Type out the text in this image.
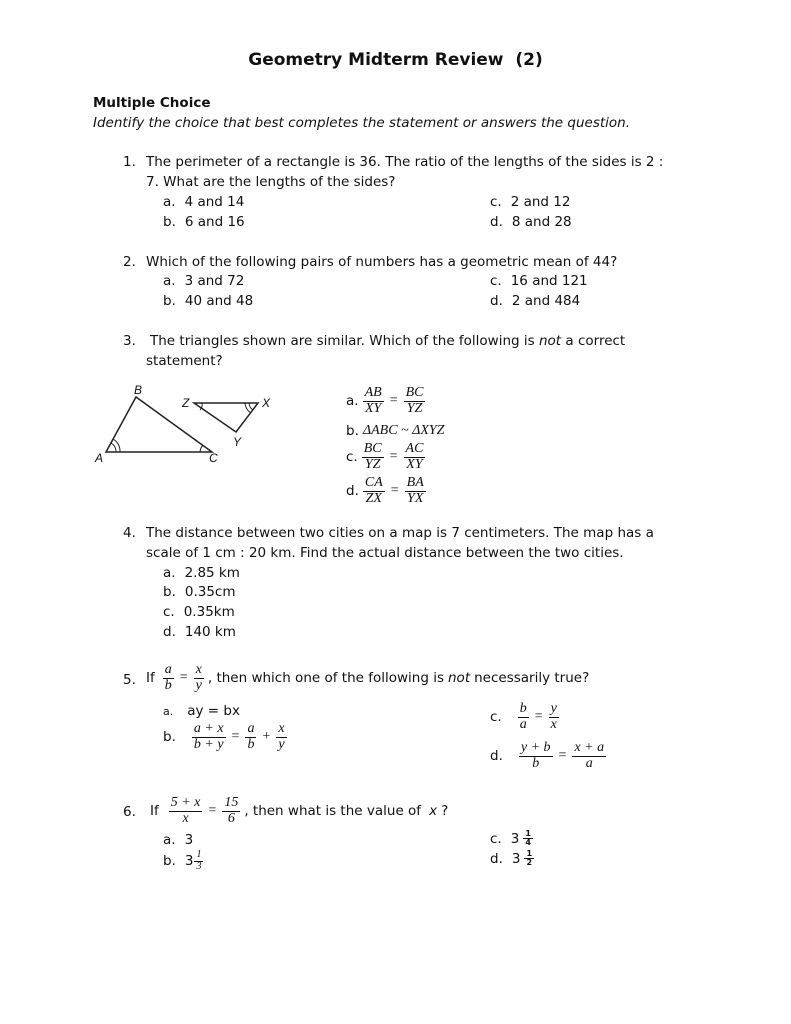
Geometry Midterm Review  (2)
Multiple Choice
Identify the choice that best completes the statement or answers the question.
1. The perimeter of a rectangle is 36. The ratio of the lengths of the sides is 2 :
7. What are the lengths of the sides?
a. 4 and 14
b. 6 and 16
c. 2 and 12
d. 8 and 28
2. Which of the following pairs of numbers has a geometric mean of 44?
a. 3 and 72
b. 40 and 48
c. 16 and 121
d. 2 and 484
3. The triangles shown are similar. Which of the following is not a correct
statement?
B
A	C
Z	X
Y
a. $\frac{AB}{XY} = \frac{BC}{YZ}$
b. ΔABC ~ ΔXYZ
c. $\frac{BC}{YZ} = \frac{AC}{XY}$
d. $\frac{CA}{ZX} = \frac{BA}{YX}$
4. The distance between two cities on a map is 7 centimeters. The map has a
scale of 1 cm : 20 km. Find the actual distance between the two cities.
a. 2.85 km
b. 0.35cm
c. 0.35km
d. 140 km
5. If $\frac{a}{b} = \frac{x}{y}$ , then which one of the following is not necessarily true?
a. ay = bx
b. $\frac{a + x}{b + y} = \frac{a}{b} + \frac{x}{y}$
c. $\frac{b}{a} = \frac{y}{x}$
d. $\frac{y + b}{b} = \frac{x + a}{a}$
6. If $\frac{5 + x}{x} = \frac{15}{6}$ , then what is the value of x ?
a. 3
b. $3 \frac{1}{3}$
c. $3 \frac{1}{4}$
d. $3 \frac{1}{2}$
